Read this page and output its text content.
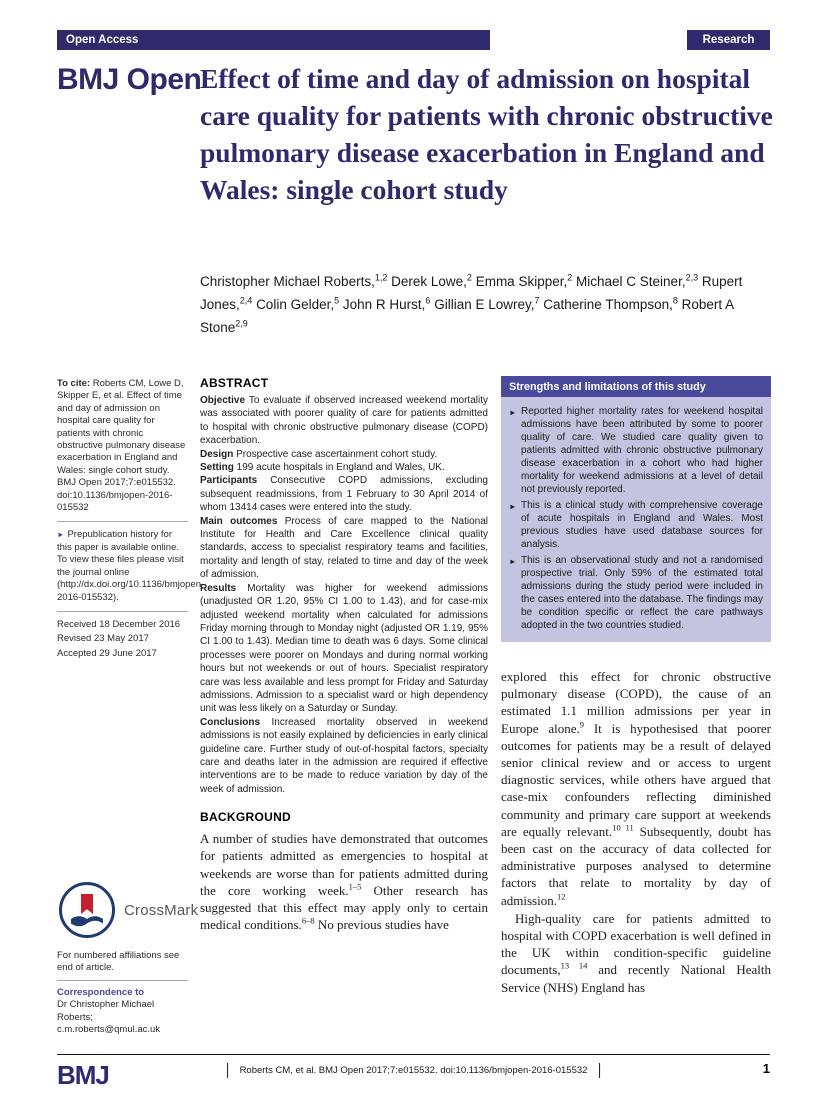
Open Access	Research
BMJ Open
Effect of time and day of admission on hospital care quality for patients with chronic obstructive pulmonary disease exacerbation in England and Wales: single cohort study
Christopher Michael Roberts,$^{1,2}$ Derek Lowe,$^2$ Emma Skipper,$^2$ Michael C Steiner,$^{2,3}$ Rupert Jones,$^{2,4}$ Colin Gelder,$^5$ John R Hurst,$^6$ Gillian E Lowrey,$^7$ Catherine Thompson,$^8$ Robert A Stone$^{2,9}$

To cite: Roberts CM, Lowe D, Skipper E, et al. Effect of time and day of admission on hospital care quality for patients with chronic obstructive pulmonary disease exacerbation in England and Wales: single cohort study. BMJ Open 2017;7:e015532. doi:10.1136/bmjopen-2016-015532

► Prepublication history for this paper is available online. To view these files please visit the journal online (http://dx.doi.org/10.1136/bmjopen-2016-015532).

Received 18 December 2016

Revised 23 May 2017

Accepted 29 June 2017

CrossMark
For numbered affiliations see end of article.
Correspondence to
Dr Christopher Michael Roberts; c.m.roberts@qmul.ac.uk
ABSTRACT

Objective To evaluate if observed increased weekend mortality was associated with poorer quality of care for patients admitted to hospital with chronic obstructive pulmonary disease (COPD) exacerbation.

Design Prospective case ascertainment cohort study.

Setting 199 acute hospitals in England and Wales, UK.

Participants Consecutive COPD admissions, excluding subsequent readmissions, from 1 February to 30 April 2014 of whom 13414 cases were entered into the study.

Main outcomes Process of care mapped to the National Institute for Health and Care Excellence clinical quality standards, access to specialist respiratory teams and facilities, mortality and length of stay, related to time and day of the week of admission.

Results Mortality was higher for weekend admissions (unadjusted OR 1.20, 95% CI 1.00 to 1.43), and for case-mix adjusted weekend mortality when calculated for admissions Friday morning through to Monday night (adjusted OR 1.19, 95% CI 1.00 to 1.43). Median time to death was 6 days. Some clinical processes were poorer on Mondays and during normal working hours but not weekends or out of hours. Specialist respiratory care was less available and less prompt for Friday and Saturday admissions. Admission to a specialist ward or high dependency unit was less likely on a Saturday or Sunday.

Conclusions Increased mortality observed in weekend admissions is not easily explained by deficiencies in early clinical guideline care. Further study of out-of-hospital factors, specialty care and deaths later in the admission are required if effective interventions are to be made to reduce variation by day of the week of admission.

BACKGROUND

A number of studies have demonstrated that outcomes for patients admitted as emergencies to hospital at weekends are worse than for patients admitted during the core working week.$^{1-5}$ Other research has suggested that this effect may apply only to certain medical conditions.$^{6-8}$ No previous studies have

Strengths and limitations of this study
► Reported higher mortality rates for weekend hospital admissions have been attributed by some to poorer quality of care. We studied care quality given to patients admitted with chronic obstructive pulmonary disease exacerbation in a cohort who had higher mortality for weekend admissions at a level of detail not previously reported.
► This is a clinical study with comprehensive coverage of acute hospitals in England and Wales. Most previous studies have used database sources for analysis.
► This is an observational study and not a randomised prospective trial. Only 59% of the estimated total admissions during the study period were included in the cases entered into the database. The findings may be condition specific or reflect the care pathways adopted in the two countries studied.

explored this effect for chronic obstructive pulmonary disease (COPD), the cause of an estimated 1.1 million admissions per year in Europe alone.$^9$ It is hypothesised that poorer outcomes for patients may be a result of delayed senior clinical review and or access to urgent diagnostic services, while others have argued that case-mix confounders reflecting diminished community and primary care support at weekends are equally relevant.$^{10 11}$ Subsequently, doubt has been cast on the accuracy of data collected for administrative purposes analysed to determine factors that relate to mortality by day of admission.$^{12}$

High-quality care for patients admitted to hospital with COPD exacerbation is well defined in the UK within condition-specific guideline documents,$^{13 14}$ and recently National Health Service (NHS) England has

BMJ	Roberts CM, et al. BMJ Open 2017;7:e015532. doi:10.1136/bmjopen-2016-015532	1
